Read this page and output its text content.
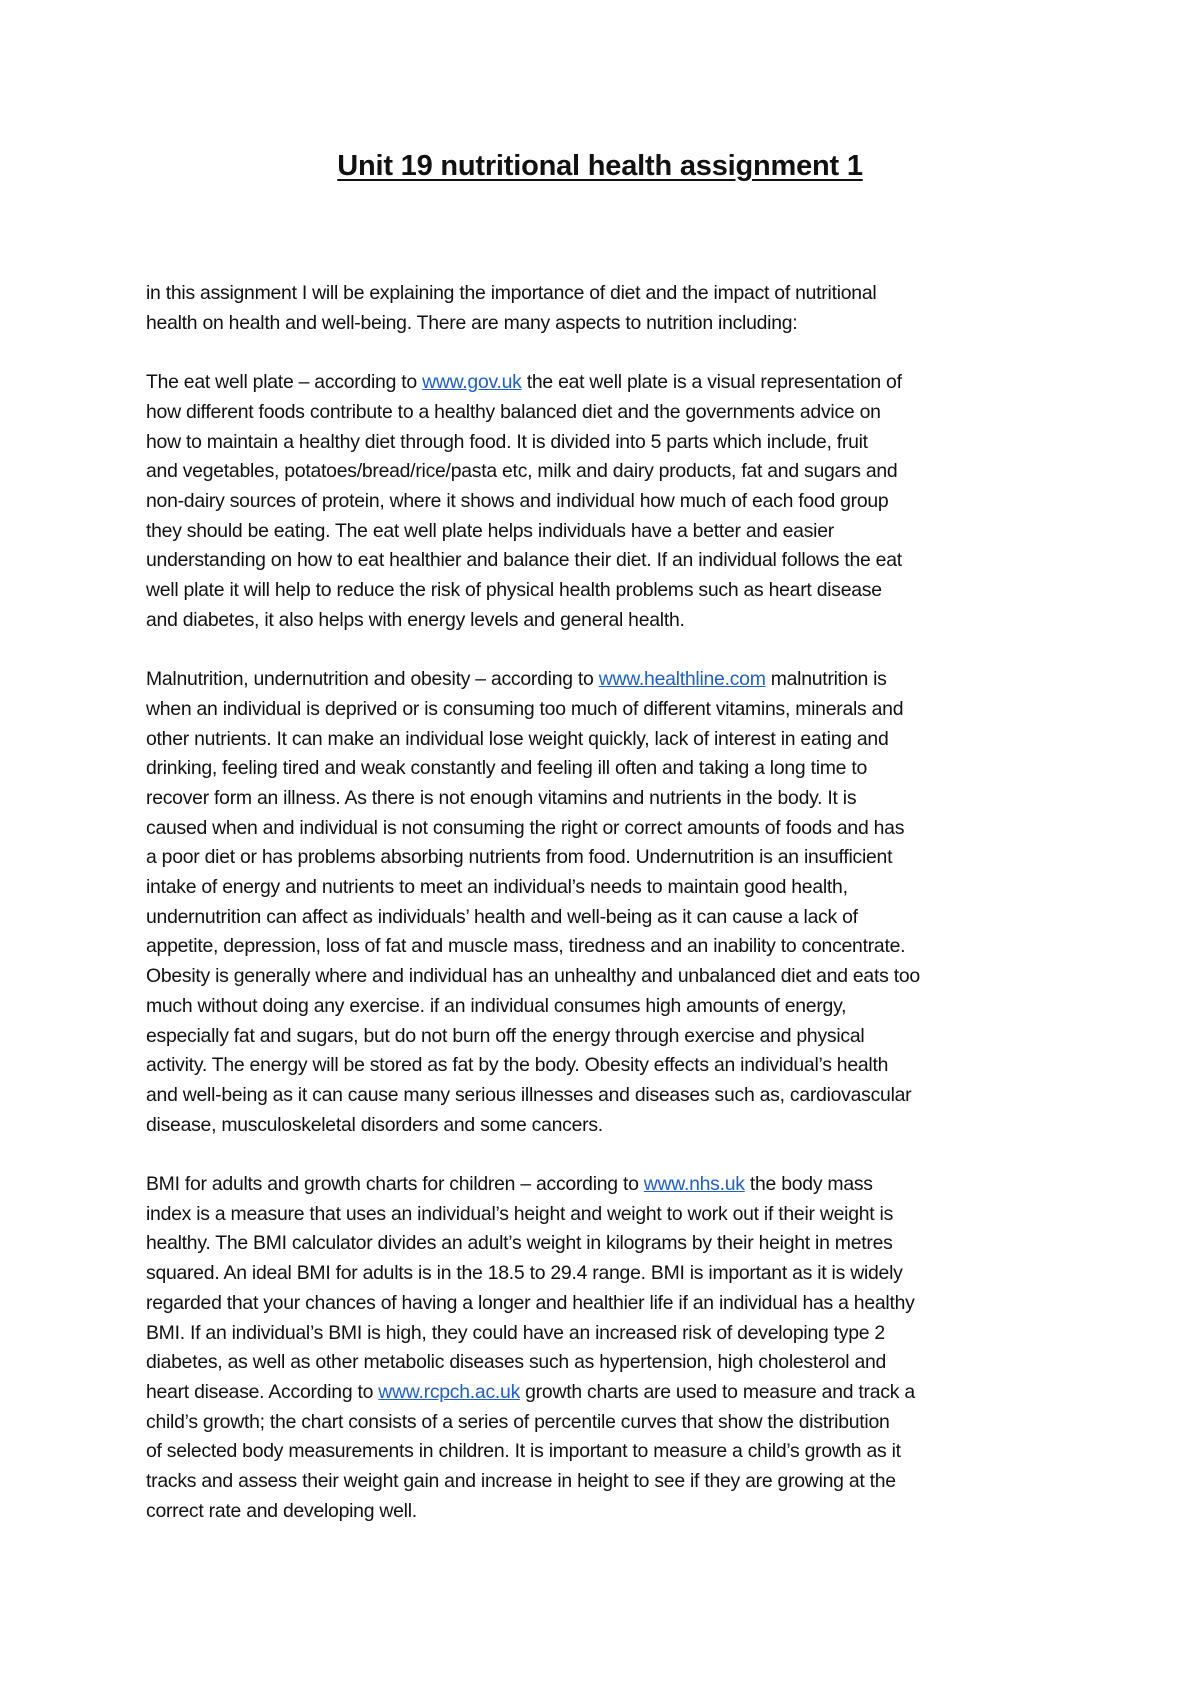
Unit 19 nutritional health assignment 1

in this assignment I will be explaining the importance of diet and the impact of nutritional
health on health and well-being. There are many aspects to nutrition including:

The eat well plate – according to www.gov.uk the eat well plate is a visual representation of
how different foods contribute to a healthy balanced diet and the governments advice on
how to maintain a healthy diet through food. It is divided into 5 parts which include, fruit
and vegetables, potatoes/bread/rice/pasta etc, milk and dairy products, fat and sugars and
non-dairy sources of protein, where it shows and individual how much of each food group
they should be eating. The eat well plate helps individuals have a better and easier
understanding on how to eat healthier and balance their diet. If an individual follows the eat
well plate it will help to reduce the risk of physical health problems such as heart disease
and diabetes, it also helps with energy levels and general health.

Malnutrition, undernutrition and obesity – according to www.healthline.com malnutrition is
when an individual is deprived or is consuming too much of different vitamins, minerals and
other nutrients. It can make an individual lose weight quickly, lack of interest in eating and
drinking, feeling tired and weak constantly and feeling ill often and taking a long time to
recover form an illness. As there is not enough vitamins and nutrients in the body. It is
caused when and individual is not consuming the right or correct amounts of foods and has
a poor diet or has problems absorbing nutrients from food. Undernutrition is an insufficient
intake of energy and nutrients to meet an individual’s needs to maintain good health,
undernutrition can affect as individuals’ health and well-being as it can cause a lack of
appetite, depression, loss of fat and muscle mass, tiredness and an inability to concentrate.
Obesity is generally where and individual has an unhealthy and unbalanced diet and eats too
much without doing any exercise. if an individual consumes high amounts of energy,
especially fat and sugars, but do not burn off the energy through exercise and physical
activity. The energy will be stored as fat by the body. Obesity effects an individual’s health
and well-being as it can cause many serious illnesses and diseases such as, cardiovascular
disease, musculoskeletal disorders and some cancers.

BMI for adults and growth charts for children – according to www.nhs.uk the body mass
index is a measure that uses an individual’s height and weight to work out if their weight is
healthy. The BMI calculator divides an adult’s weight in kilograms by their height in metres
squared. An ideal BMI for adults is in the 18.5 to 29.4 range. BMI is important as it is widely
regarded that your chances of having a longer and healthier life if an individual has a healthy
BMI. If an individual’s BMI is high, they could have an increased risk of developing type 2
diabetes, as well as other metabolic diseases such as hypertension, high cholesterol and
heart disease. According to www.rcpch.ac.uk growth charts are used to measure and track a
child’s growth; the chart consists of a series of percentile curves that show the distribution
of selected body measurements in children. It is important to measure a child’s growth as it
tracks and assess their weight gain and increase in height to see if they are growing at the
correct rate and developing well.
